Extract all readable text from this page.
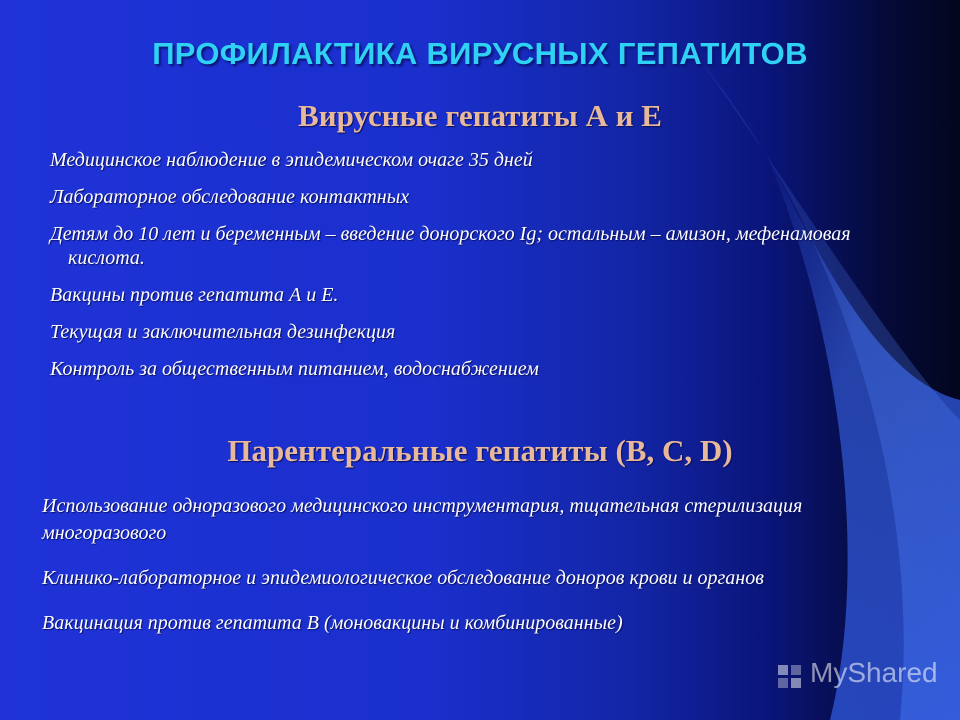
ПРОФИЛАКТИКА ВИРУСНЫХ ГЕПАТИТОВ
Вирусные гепатиты А и Е
Медицинское наблюдение в эпидемическом очаге 35 дней
Лабораторное обследование контактных
Детям до 10 лет и беременным – введение донорского Ig; остальным – амизон, мефенамовая кислота.
Вакцины против гепатита А и Е.
Текущая и заключительная дезинфекция
Контроль за общественным питанием, водоснабжением
Парентеральные гепатиты (В, С, D)
Использование одноразового медицинского инструментария, тщательная стерилизация многоразового
Клинико-лабораторное и эпидемиологическое обследование доноров крови и органов
Вакцинация против гепатита В (моновакцины и комбинированные)
MyShared
